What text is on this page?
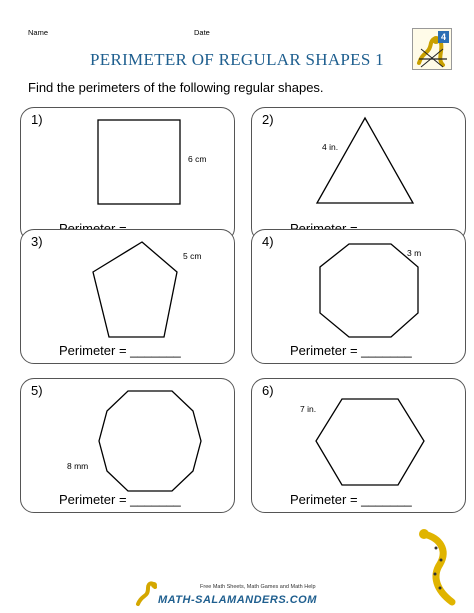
Name	Date	4
PERIMETER OF REGULAR SHAPES 1
Find the perimeters of the following regular shapes.
1)
6 cm
2)
4 in.
3)
5 cm
Perimeter = _______
4)
3 m
Perimeter = _______
5)
8 mm
Perimeter = _______
6)
7 in.
Perimeter = _______
Free Math Sheets, Math Games and Math Help
MATH-SALAMANDERS.COM
